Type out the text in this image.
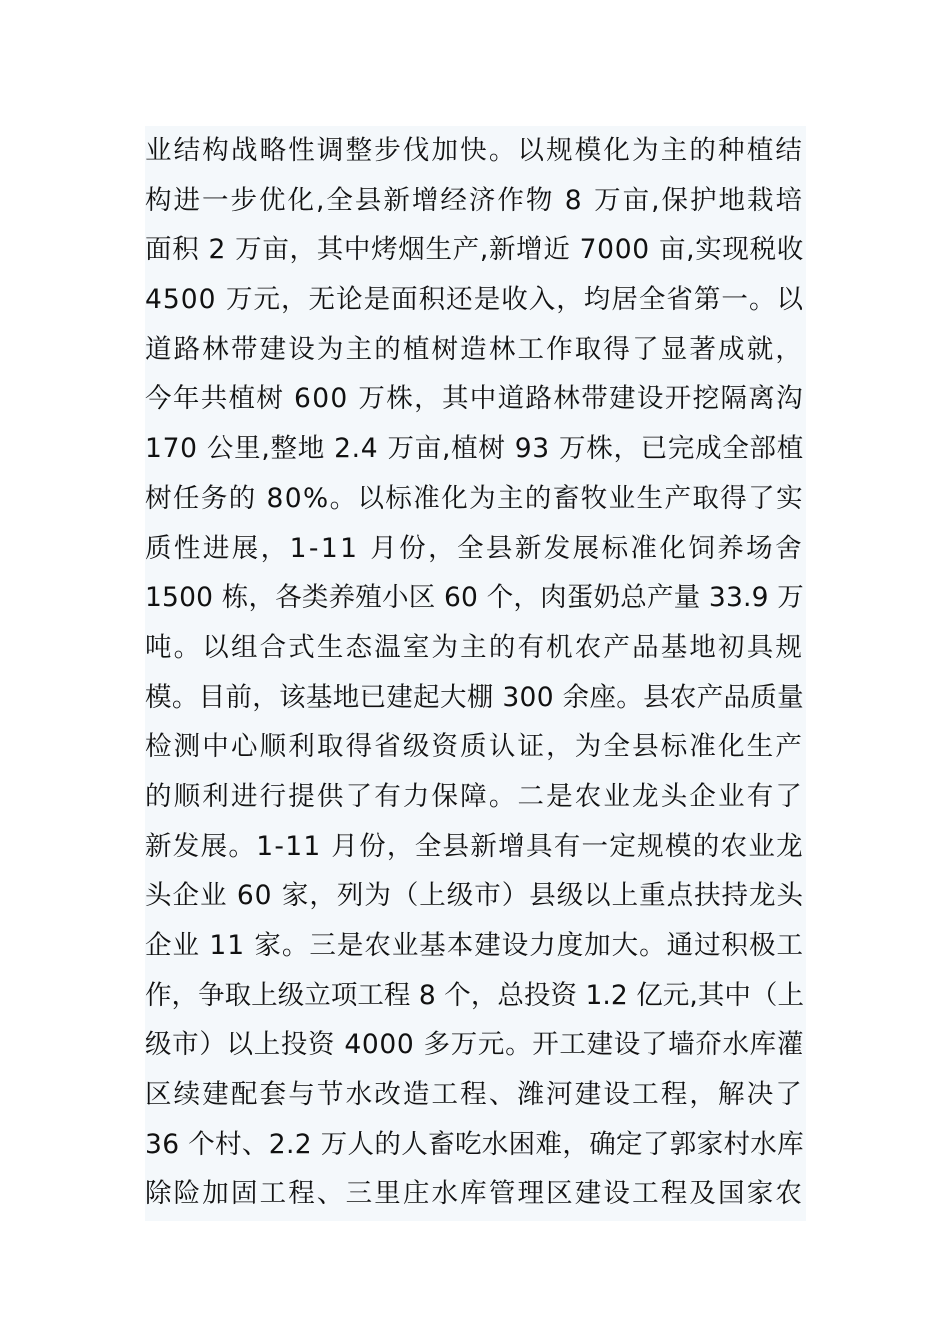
业结构战略性调整步伐加快。以规模化为主的种植结
构进一步优化,全县新增经济作物 8 万亩,保护地栽培
面积 2 万亩，其中烤烟生产,新增近 7000 亩,实现税收
4500 万元，无论是面积还是收入，均居全省第一。以
道路林带建设为主的植树造林工作取得了显著成就，
今年共植树 600 万株，其中道路林带建设开挖隔离沟
170 公里,整地 2.4 万亩,植树 93 万株，已完成全部植
树任务的 80%。以标准化为主的畜牧业生产取得了实
质性进展，1-11 月份，全县新发展标准化饲养场舍
1500 栋，各类养殖小区 60 个，肉蛋奶总产量 33.9 万
吨。以组合式生态温室为主的有机农产品基地初具规
模。目前，该基地已建起大棚 300 余座。县农产品质量
检测中心顺利取得省级资质认证，为全县标准化生产
的顺利进行提供了有力保障。二是农业龙头企业有了
新发展。1-11 月份，全县新增具有一定规模的农业龙
头企业 60 家，列为（上级市）县级以上重点扶持龙头
企业 11 家。三是农业基本建设力度加大。通过积极工
作，争取上级立项工程 8 个，总投资 1.2 亿元,其中（上
级市）以上投资 4000 多万元。开工建设了墙夼水库灌
区续建配套与节水改造工程、潍河建设工程，解决了
36 个村、2.2 万人的人畜吃水困难，确定了郭家村水库
除险加固工程、三里庄水库管理区建设工程及国家农
